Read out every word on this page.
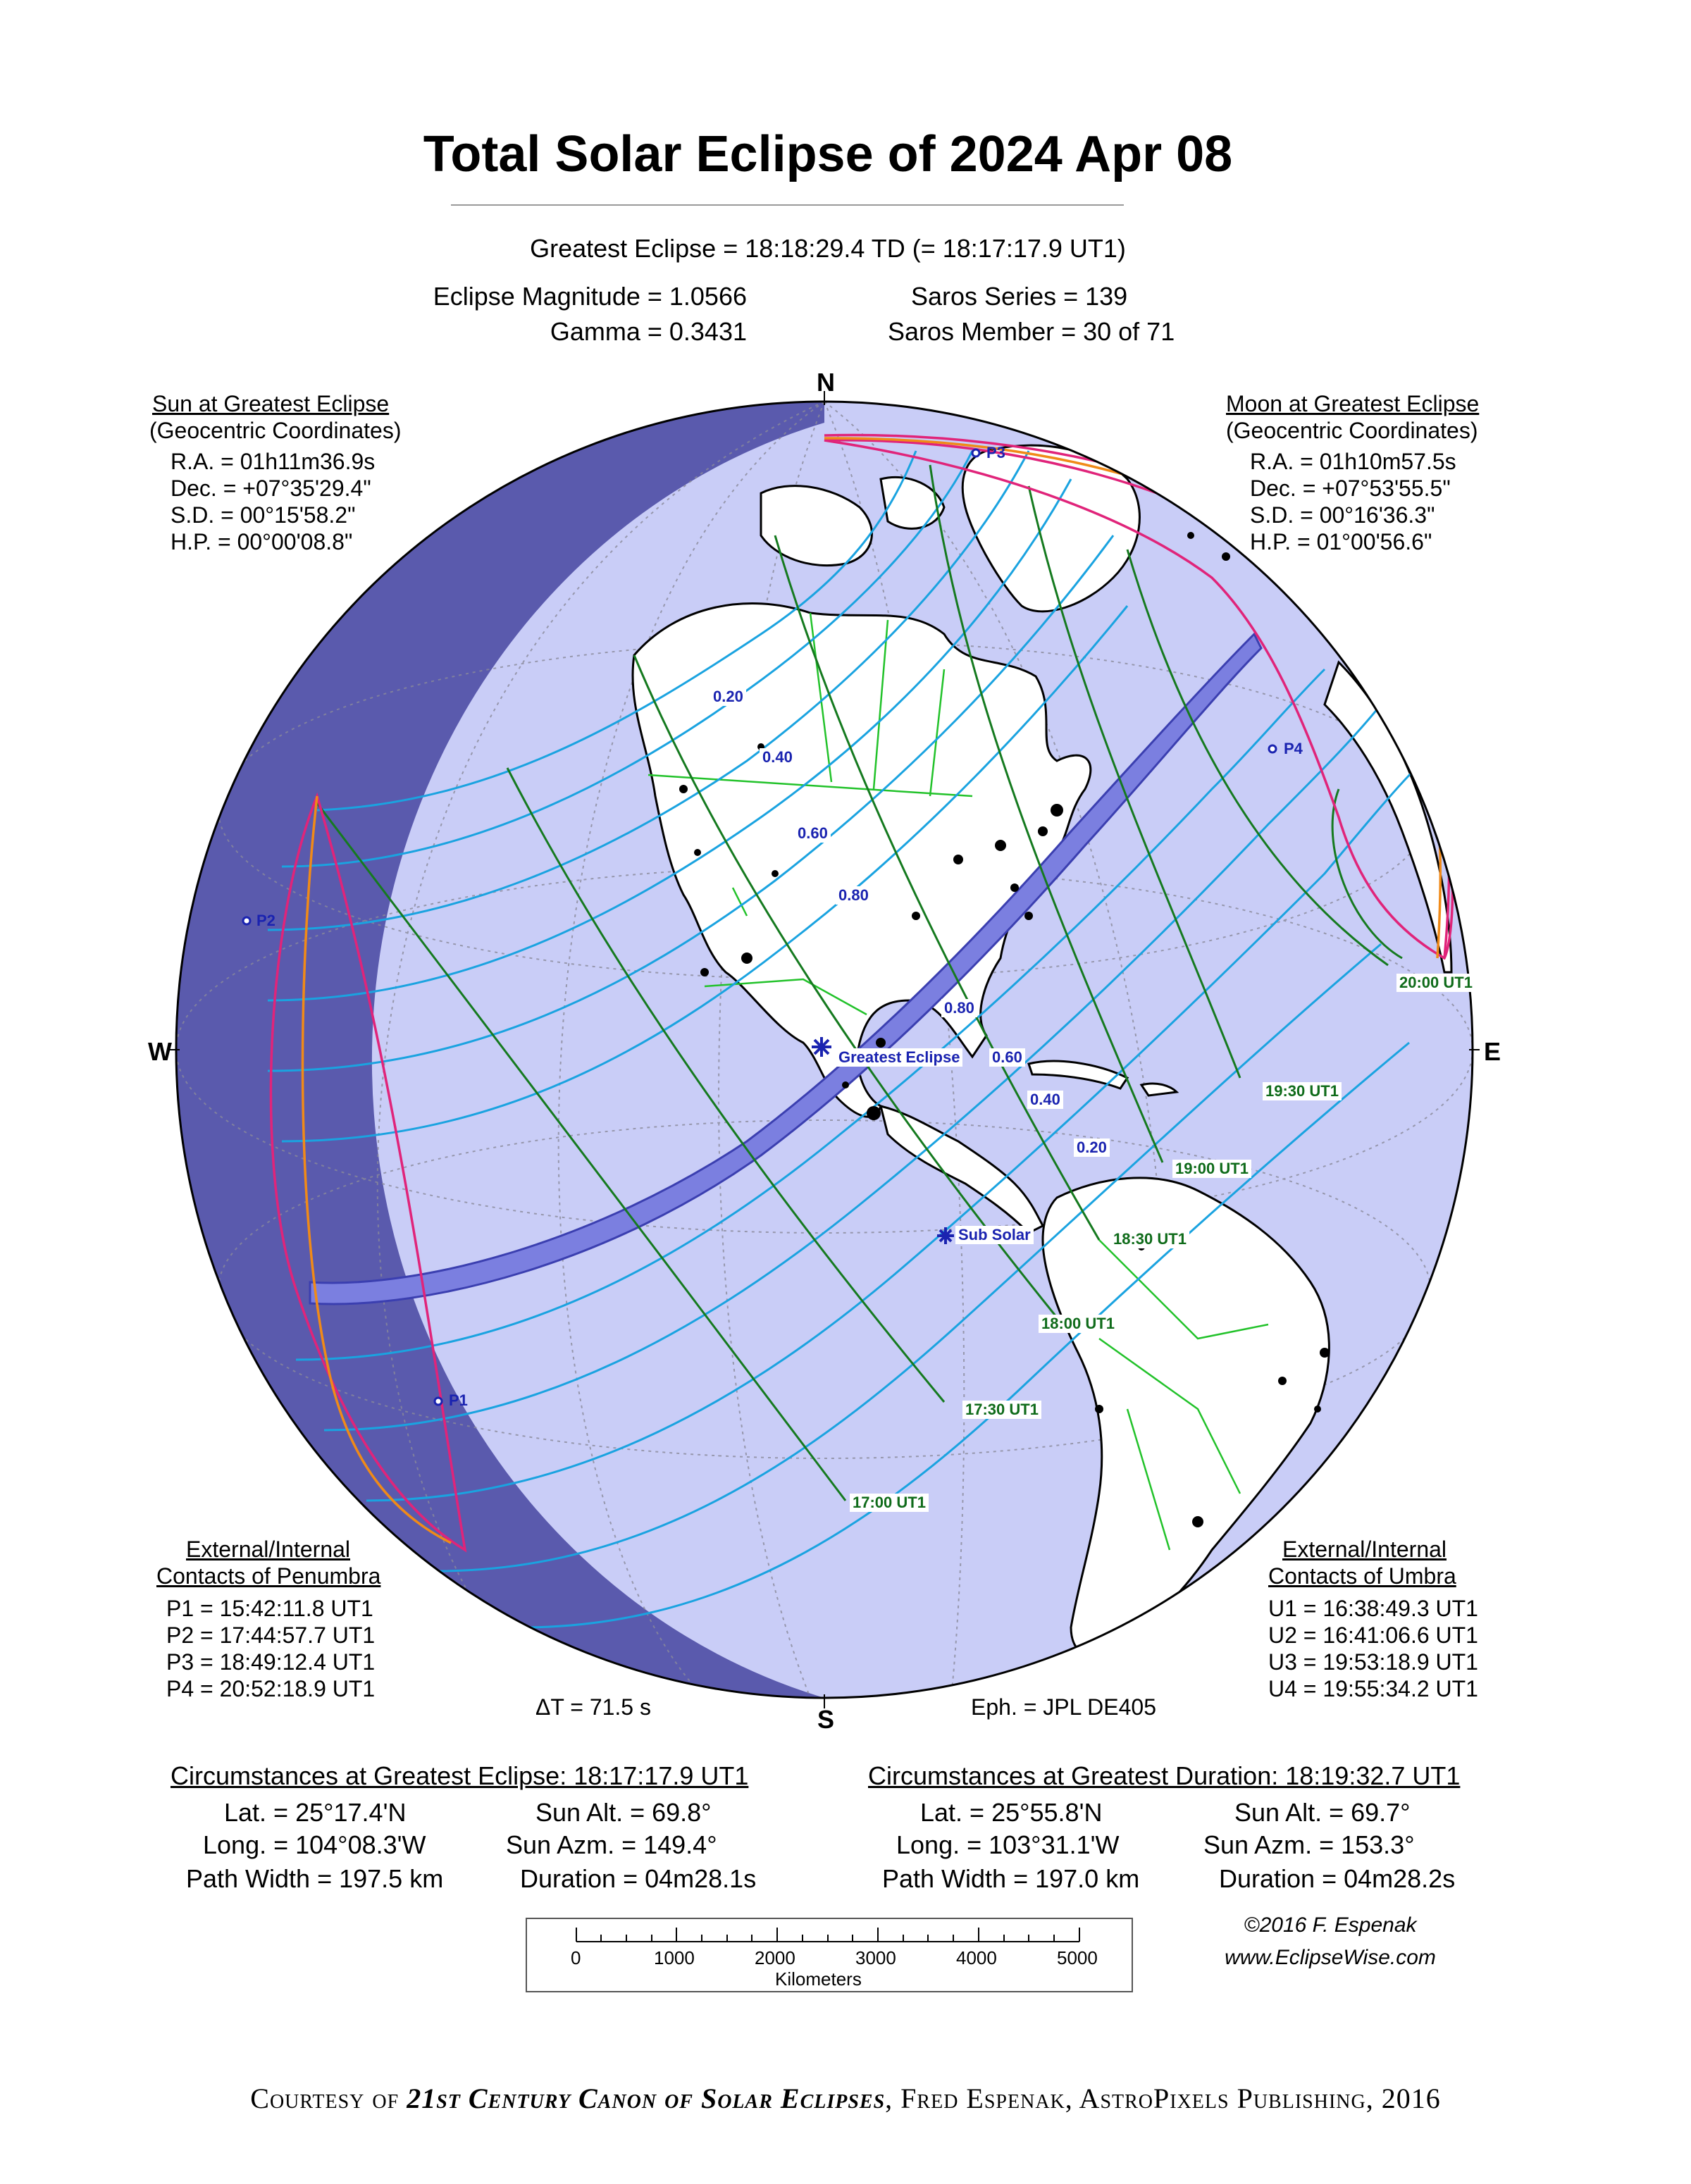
Total Solar Eclipse of 2024 Apr 08
Greatest Eclipse = 18:18:29.4 TD (= 18:17:17.9 UT1)
Eclipse Magnitude = 1.0566
Gamma = 0.3431
Saros Series = 139
Saros Member = 30 of 71
Sun at Greatest Eclipse
(Geocentric Coordinates)
R.A. = 01h11m36.9s
Dec. = +07°35'29.4"
S.D. = 00°15'58.2"
H.P. = 00°00'08.8"
Moon at Greatest Eclipse
(Geocentric Coordinates)
R.A. = 01h10m57.5s
Dec. = +07°53'55.5"
S.D. = 00°16'36.3"
H.P. = 01°00'56.6"
P1
P2
P3
P4
Greatest Eclipse
Sub Solar
0.20
0.40
0.60
0.80
0.80
0.60
0.40
0.20
17:00 UT1
17:30 UT1
18:00 UT1
18:30 UT1
19:00 UT1
19:30 UT1
20:00 UT1
N
S
W	E
External/Internal
Contacts of Penumbra
P1 = 15:42:11.8 UT1
P2 = 17:44:57.7 UT1
P3 = 18:49:12.4 UT1
P4 = 20:52:18.9 UT1
External/Internal
Contacts of Umbra
U1 = 16:38:49.3 UT1
U2 = 16:41:06.6 UT1
U3 = 19:53:18.9 UT1
U4 = 19:55:34.2 UT1
ΔT = 71.5 s	Eph. = JPL DE405
Circumstances at Greatest Eclipse: 18:17:17.9 UT1
Lat. = 25°17.4'N
Long. = 104°08.3'W
Path Width = 197.5 km
Sun Alt. = 69.8°
Sun Azm. = 149.4°
Duration = 04m28.1s
Circumstances at Greatest Duration: 18:19:32.7 UT1
Lat. = 25°55.8'N
Long. = 103°31.1'W
Path Width = 197.0 km
Sun Alt. = 69.7°
Sun Azm. = 153.3°
Duration = 04m28.2s
0	1000	2000	3000	4000	5000
Kilometers
©2016 F. Espenak
www.EclipseWise.com
Courtesy of 21st Century Canon of Solar Eclipses, Fred Espenak, AstroPixels Publishing, 2016
